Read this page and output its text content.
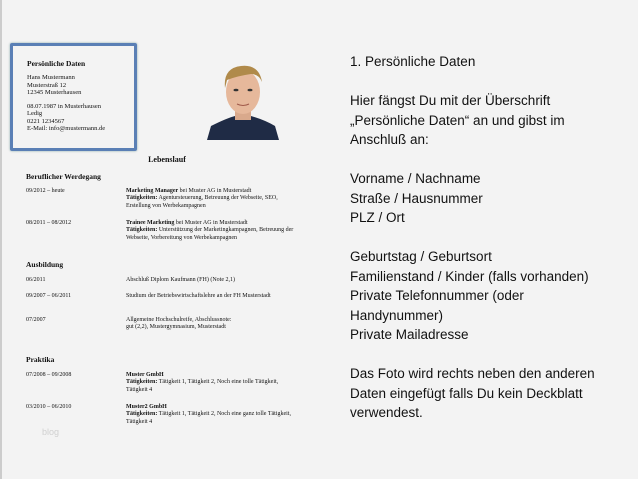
Persönliche Daten

Hans Mustermann
Musterstraß 12
12345 Musterhausen

08.07.1987 in Musterhausen
Ledig
0221 1234567
E-Mail: info@mustermann.de

Lebenslauf
Beruflicher Werdegang
09/2012 – heute	Marketing Manager bei Muster AG in Musterstadt
Tätigkeiten: Agentursteuerung, Betreuung der Webseite, SEO, Erstellung von Werbekampagnen
08/2011 – 08/2012	Trainee Marketing bei Muster AG in Musterstadt
Tätigkeiten: Unterstützung der Marketingkampagnen, Betreuung der Webseite, Vorbereitung von Werbekampagnen
Ausbildung
06/2011	Abschluß Diplom Kaufmann (FH) (Note 2,1)
09/2007 – 06/2011	Studium der Betriebswirtschaftslehre an der FH Musterstadt
07/2007	Allgemeine Hochschulreife, Abschlussnote: gut (2,2), Mustergymnasium, Musterstadt
Praktika
07/2008 – 09/2008	Muster GmbH
Tätigkeiten: Tätigkeit 1, Tätigkeit 2, Noch eine tolle Tätigkeit, Tätigkeit 4
03/2010 – 06/2010	Muster2 GmbH
Tätigkeiten: Tätigkeit 1, Tätigkeit 2, Noch eine ganz tolle Tätigkeit, Tätigkeit 4
blog
1. Persönliche Daten
Hier fängst Du mit der Überschrift
„Persönliche Daten“ an und gibst im
Anschluß an:
Vorname / Nachname
Straße / Hausnummer
PLZ / Ort
Geburtstag / Geburtsort
Familienstand / Kinder (falls vorhanden)
Private Telefonnummer (oder
Handynummer)
Private Mailadresse
Das Foto wird rechts neben den anderen
Daten eingefügt falls Du kein Deckblatt
verwendest.
